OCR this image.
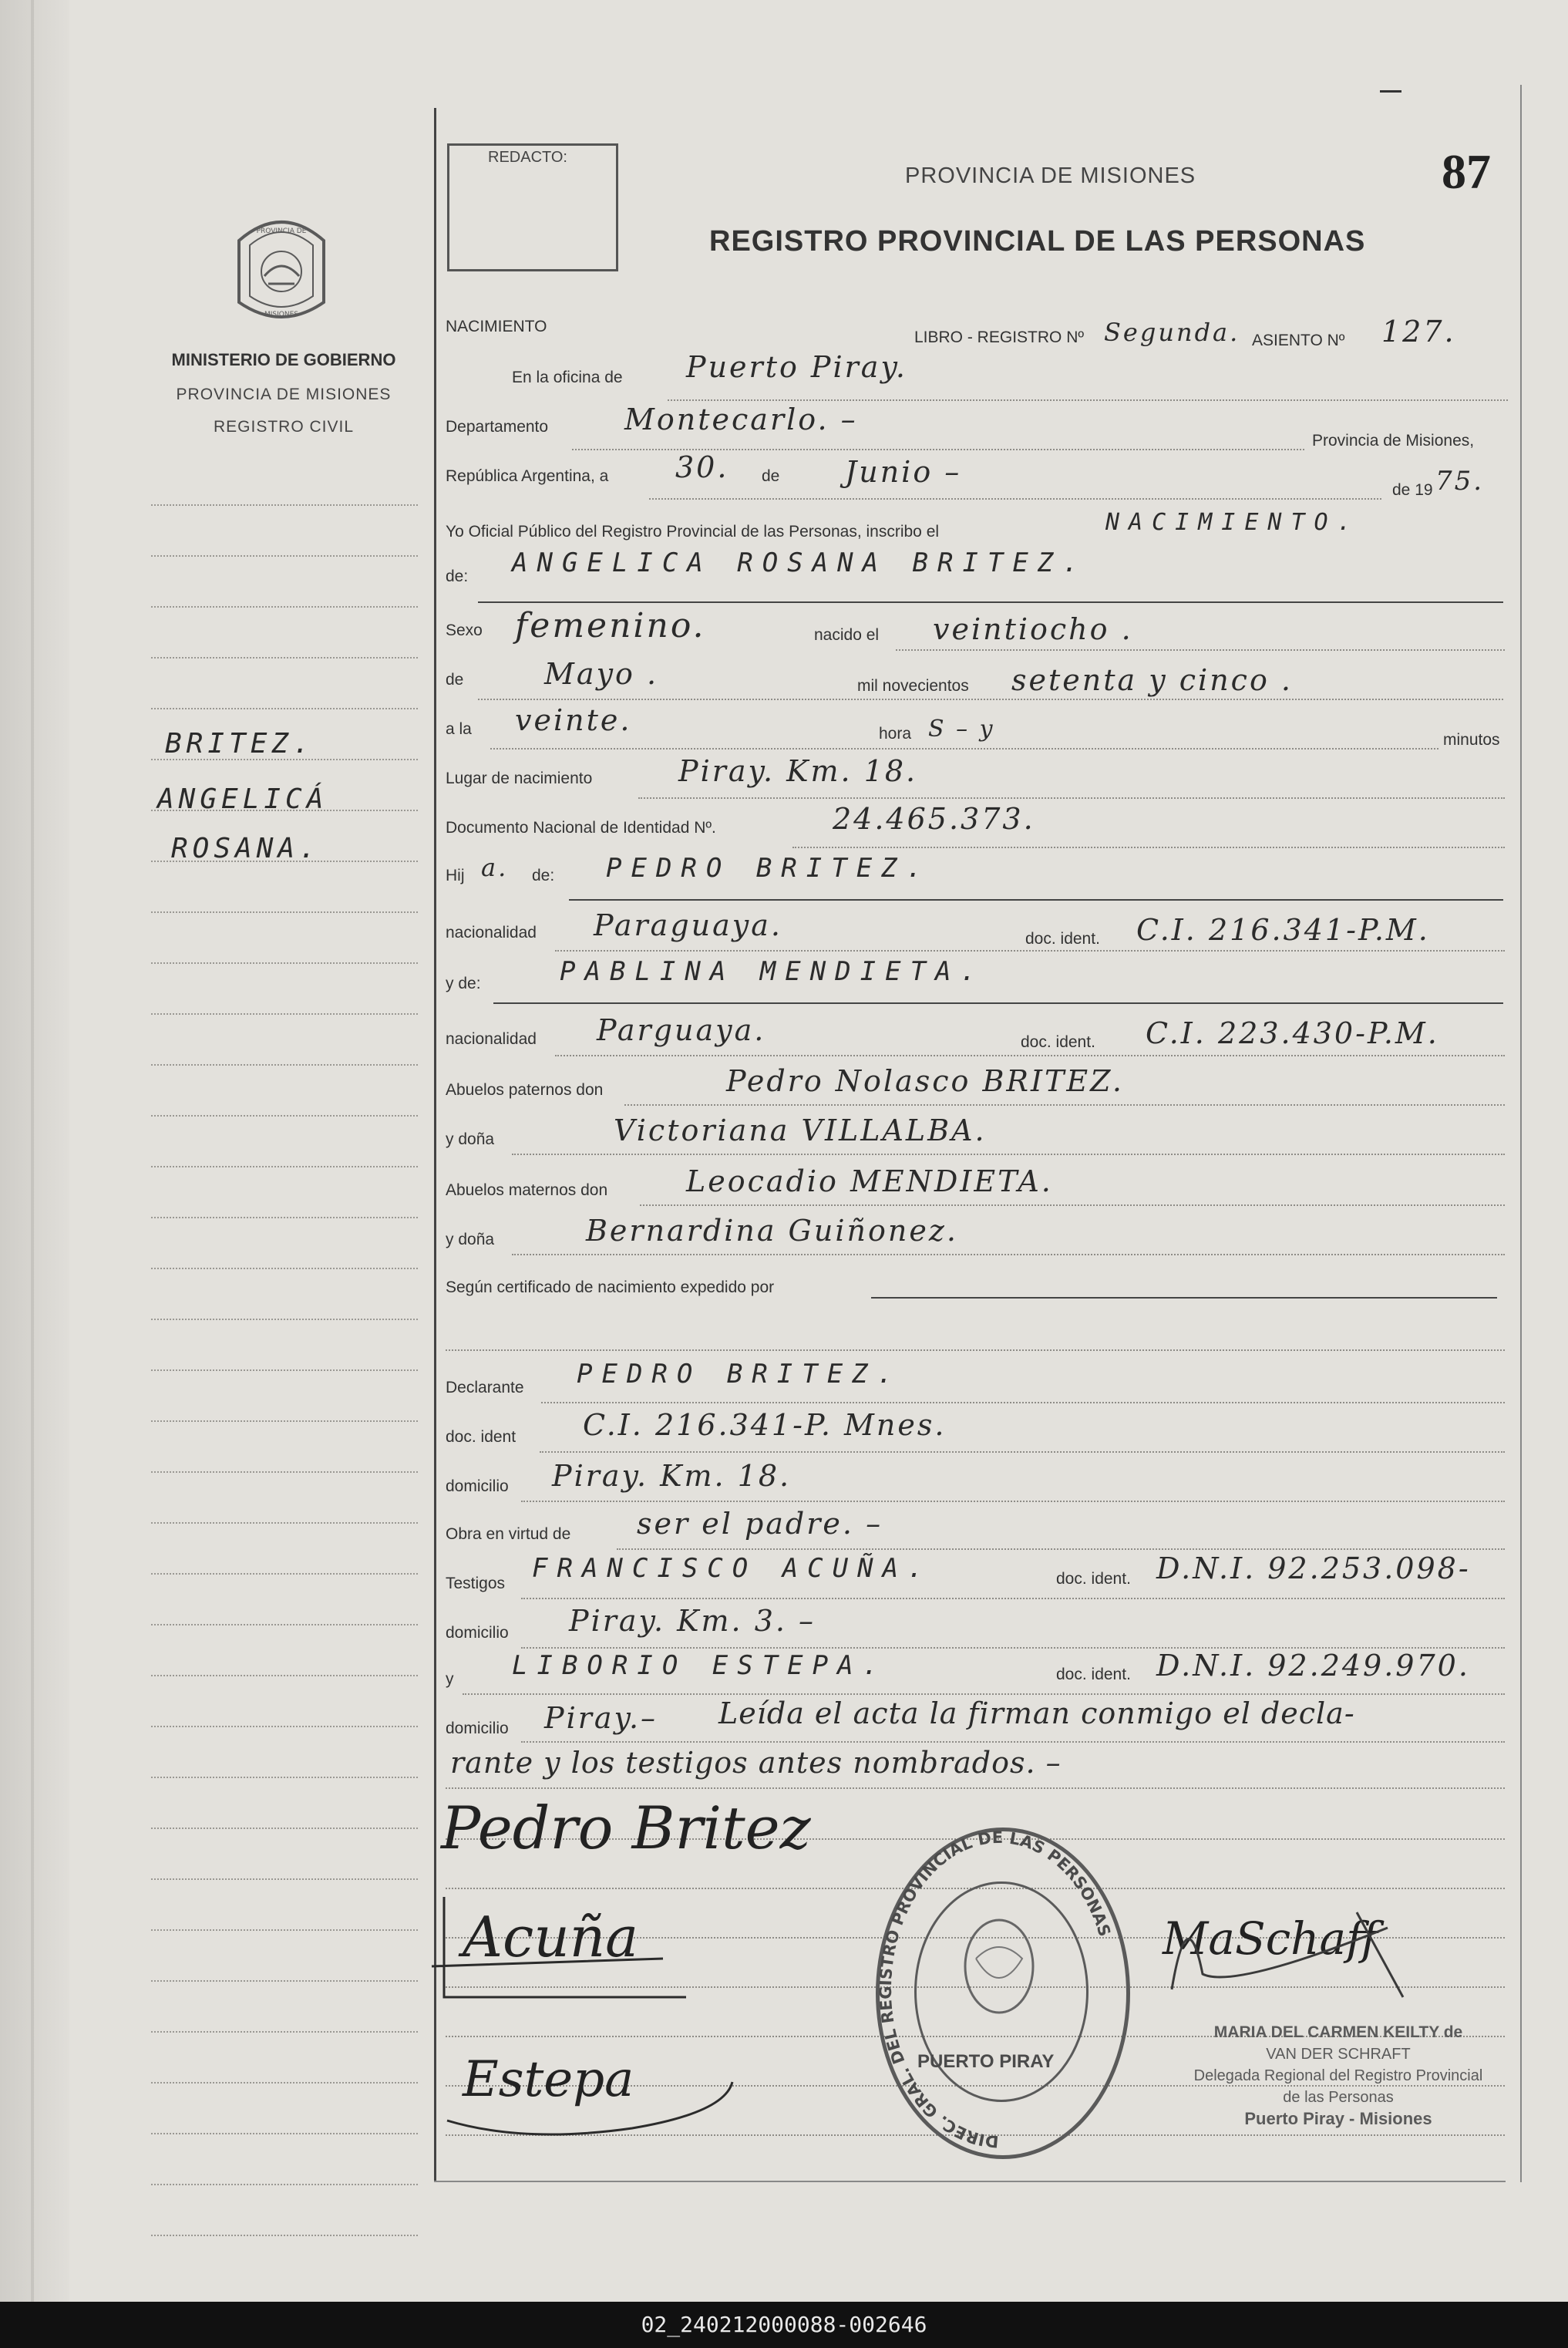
REDACTO:
PROVINCIA DE MISIONES	87
REGISTRO PROVINCIAL DE LAS PERSONAS
PROVINCIA DE
MISIONES
MINISTERIO DE GOBIERNO
PROVINCIA DE MISIONES
REGISTRO CIVIL
BRITEZ.
ANGELICÁ
ROSANA.
NACIMIENTO
LIBRO - REGISTRO Nº Segunda. ASIENTO Nº 127.
En la oficina de Puerto Piray.
Departamento	Montecarlo. –
Provincia de Misiones,
República Argentina, a 30. de Junio –
de 19 75.
Yo Oficial Público del Registro Provincial de las Personas, inscribo el	NACIMIENTO.
de: ANGELICA ROSANA BRITEZ.
Sexo femenino.	nacido el veintiocho .
de	Mayo .	mil novecientos setenta y cinco .
a la veinte.	hora S – y	minutos
Lugar de nacimiento	Piray. Km. 18.
Documento Nacional de Identidad Nº.	24.465.373.
Hij a. de: PEDRO BRITEZ.
nacionalidad Paraguaya.	doc. ident. C.I. 216.341-P.M.
y de:	PABLINA MENDIETA.
nacionalidad Parguaya.	doc. ident. C.I. 223.430-P.M.
Abuelos paternos don	Pedro Nolasco BRITEZ.
y doña	Victoriana VILLALBA.
Abuelos maternos don	Leocadio MENDIETA.
y doña	Bernardina Guiñonez.
Según certificado de nacimiento expedido por
Declarante PEDRO BRITEZ.
doc. ident C.I. 216.341-P. Mnes.
domicilio Piray. Km. 18.
Obra en virtud de ser el padre. –
Testigos FRANCISCO ACUÑA.	doc. ident. D.N.I. 92.253.098-
domicilio Piray. Km. 3. –
y LIBORIO ESTEPA.	doc. ident. D.N.I. 92.249.970.
domicilio Piray.– Leída el acta la firman conmigo el decla-
rante y los testigos antes nombrados. –
Pedro Britez
Acuña
Estepa
MaSchaff
DIREC. GRAL. DEL REGISTRO PROVINCIAL DE LAS PERSONAS
PUERTO PIRAY
MARIA DEL CARMEN KEILTY de
VAN DER SCHRAFT
Delegada Regional del Registro Provincial
de las Personas
Puerto Piray - Misiones
02_240212000088-002646
